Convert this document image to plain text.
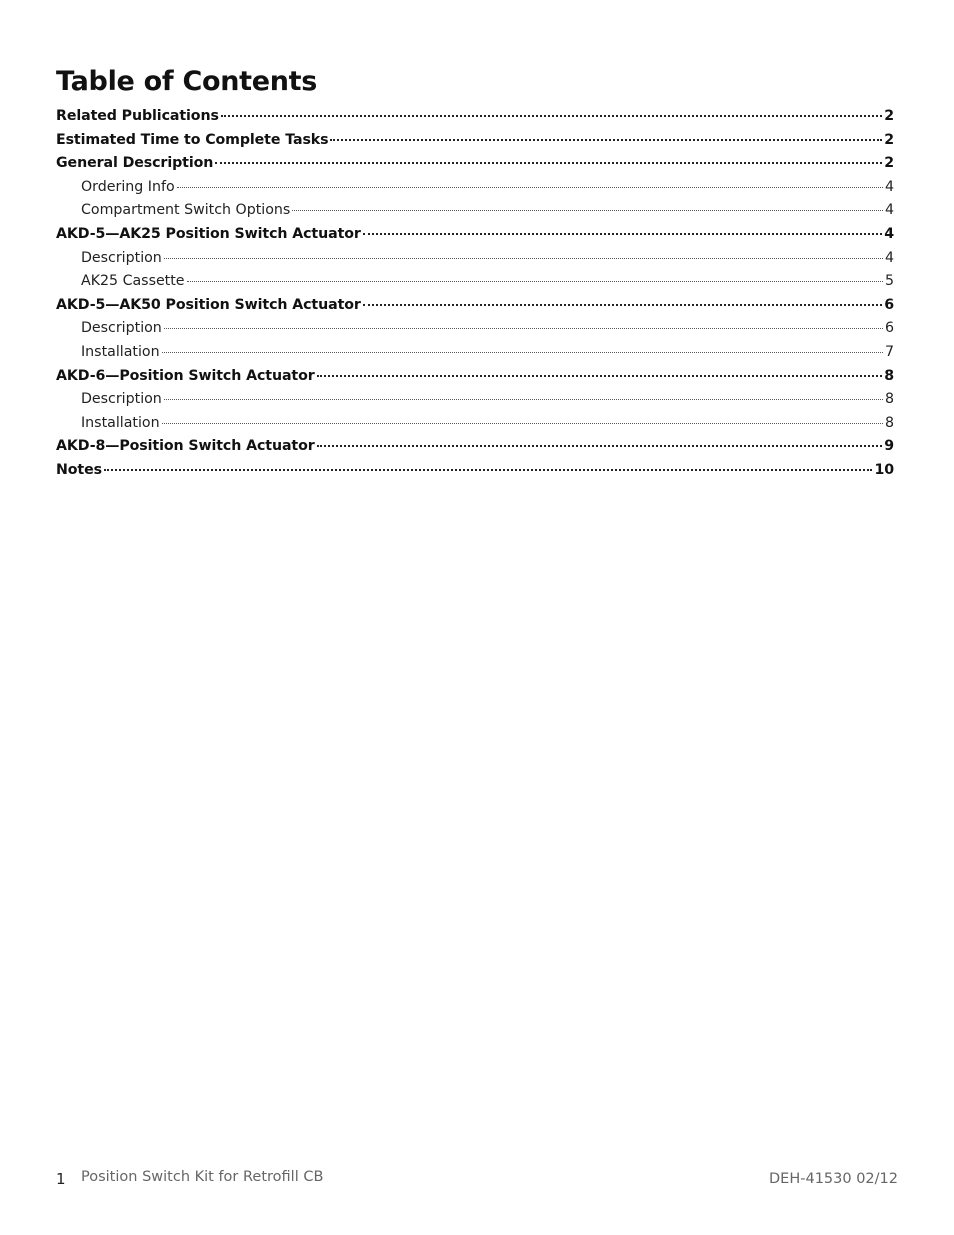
Table of Contents
Related Publications	2
Estimated Time to Complete Tasks	2
General Description	2
Ordering Info	4
Compartment Switch Options	4
AKD-5—AK25 Position Switch Actuator	4
Description	4
AK25 Cassette	5
AKD-5—AK50 Position Switch Actuator	6
Description	6
Installation	7
AKD-6—Position Switch Actuator	8
Description	8
Installation	8
AKD-8—Position Switch Actuator	9
Notes	10
1 Position Switch Kit for Retrofill CB	DEH-41530 02/12
